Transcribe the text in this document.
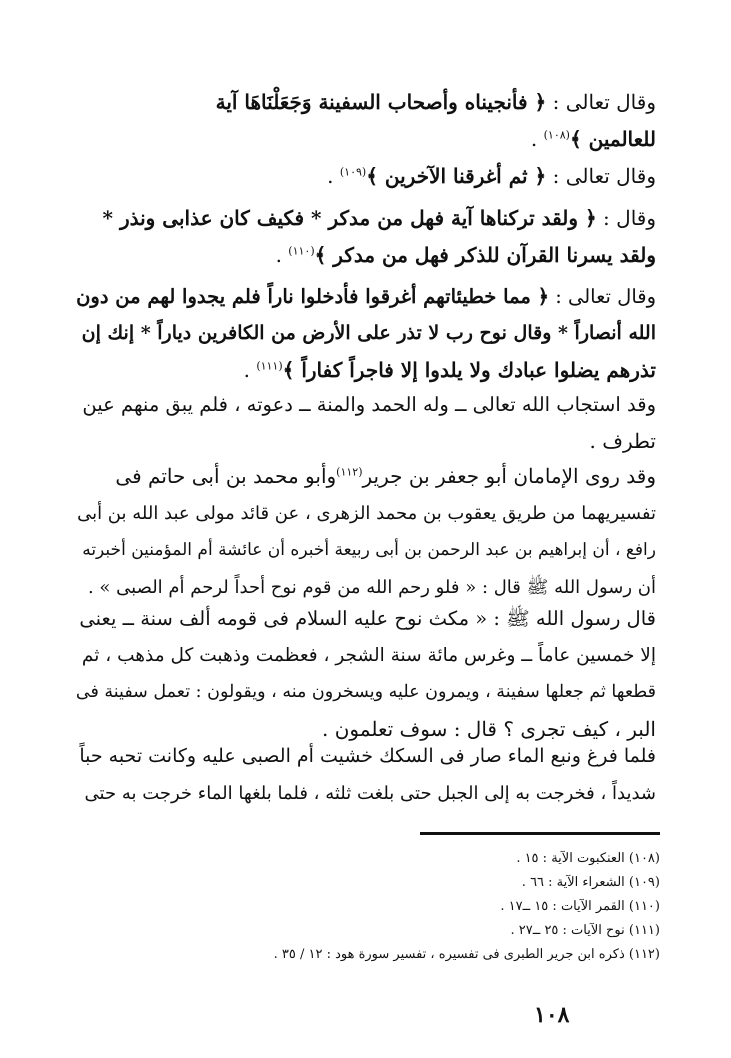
وقال تعالى : ﴿ فأنجيناه وأصحاب السفينة وَجَعَلْنَاهَا آية
للعالمين ﴾$^{(١٠٨)}$ .
وقال تعالى : ﴿ ثم أغرقنا الآخرين ﴾$^{(١٠٩)}$ .
وقال : ﴿ ولقد تركناها آية فهل من مدكر * فكيف كان عذابى ونذر *
ولقد يسرنا القرآن للذكر فهل من مدكر ﴾$^{(١١٠)}$ .
وقال تعالى : ﴿ مما خطيئاتهم أغرقوا فأدخلوا ناراً فلم يجدوا لهم من دون
الله أنصاراً * وقال نوح رب لا تذر على الأرض من الكافرين دياراً * إنك إن
تذرهم يضلوا عبادك ولا يلدوا إلا فاجراً كفاراً ﴾$^{(١١١)}$ .
وقد استجاب الله تعالى ــ وله الحمد والمنة ــ دعوته ، فلم يبق منهم عين
تطرف .
وقد روى الإمامان أبو جعفر بن جرير$^{(١١٢)}$وأبو محمد بن أبى حاتم فى
تفسيريهما من طريق يعقوب بن محمد الزهرى ، عن قائد مولى عبد الله بن أبى
رافع ، أن إبراهيم بن عبد الرحمن بن أبى ربيعة أخبره أن عائشة أم المؤمنين أخبرته
أن رسول الله ﷺ قال : « فلو رحم الله من قوم نوح أحداً لرحم أم الصبى » .
قال رسول الله ﷺ : « مكث نوح عليه السلام فى قومه ألف سنة ــ يعنى
إلا خمسين عاماً ــ وغرس مائة سنة الشجر ، فعظمت وذهبت كل مذهب ، ثم
قطعها ثم جعلها سفينة ، ويمرون عليه ويسخرون منه ، ويقولون : تعمل سفينة فى
البر ، كيف تجرى ؟ قال : سوف تعلمون .
فلما فرغ ونبع الماء صار فى السكك خشيت أم الصبى عليه وكانت تحبه حباً
شديداً ، فخرجت به إلى الجبل حتى بلغت ثلثه ، فلما بلغها الماء خرجت به حتى
(١٠٨) العنكبوت الآية : ١٥ .
(١٠٩) الشعراء الآية : ٦٦ .
(١١٠) القمر الآيات : ١٥ ــ١٧ .
(١١١) نوح الآيات : ٢٥ ــ٢٧ .
(١١٢) ذكره ابن جرير الطبرى فى تفسيره ، تفسير سورة هود : ١٢ / ٣٥ .
١٠٨
